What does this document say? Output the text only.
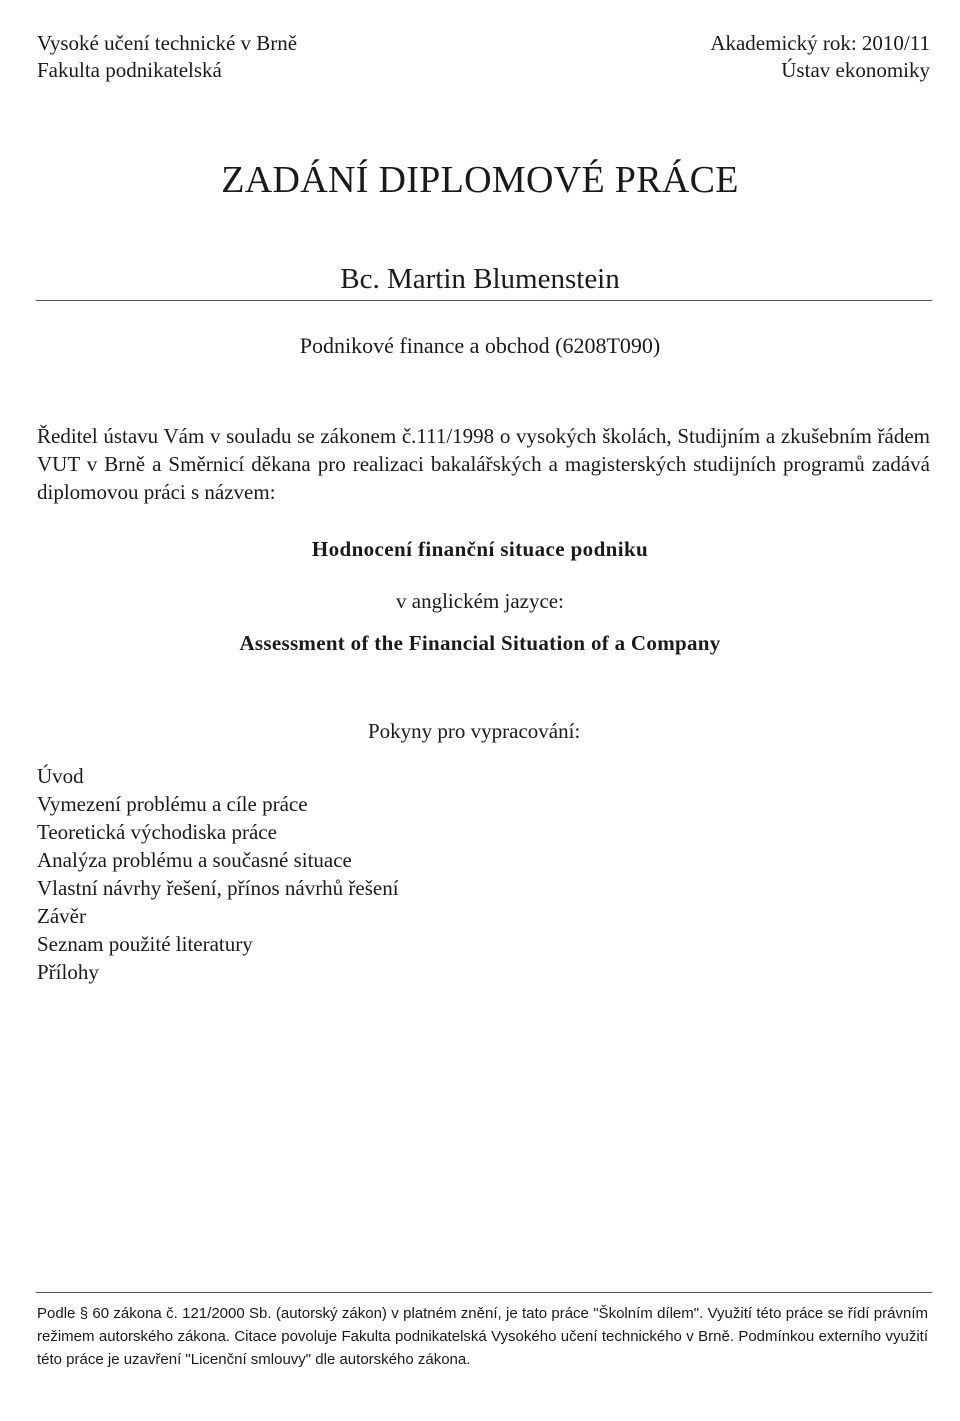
Vysoké učení technické v Brně
Fakulta podnikatelská
Akademický rok: 2010/11
Ústav ekonomiky
ZADÁNÍ DIPLOMOVÉ PRÁCE
Bc. Martin Blumenstein
Podnikové finance a obchod (6208T090)
Ředitel ústavu Vám v souladu se zákonem č.111/1998 o vysokých školách, Studijním a zkušebním řádem VUT v Brně a Směrnicí děkana pro realizaci bakalářských a magisterských studijních programů zadává diplomovou práci s názvem:
Hodnocení finanční situace podniku
v anglickém jazyce:
Assessment of the Financial Situation of a Company
Pokyny pro vypracování:
Úvod
Vymezení problému a cíle práce
Teoretická východiska práce
Analýza problému a současné situace
Vlastní návrhy řešení, přínos návrhů řešení
Závěr
Seznam použité literatury
Přílohy
Podle § 60 zákona č. 121/2000 Sb. (autorský zákon) v platném znění, je tato práce "Školním dílem". Využití této práce se řídí právním režimem autorského zákona. Citace povoluje Fakulta podnikatelská Vysokého učení technického v Brně. Podmínkou externího využití této práce je uzavření "Licenční smlouvy" dle autorského zákona.
